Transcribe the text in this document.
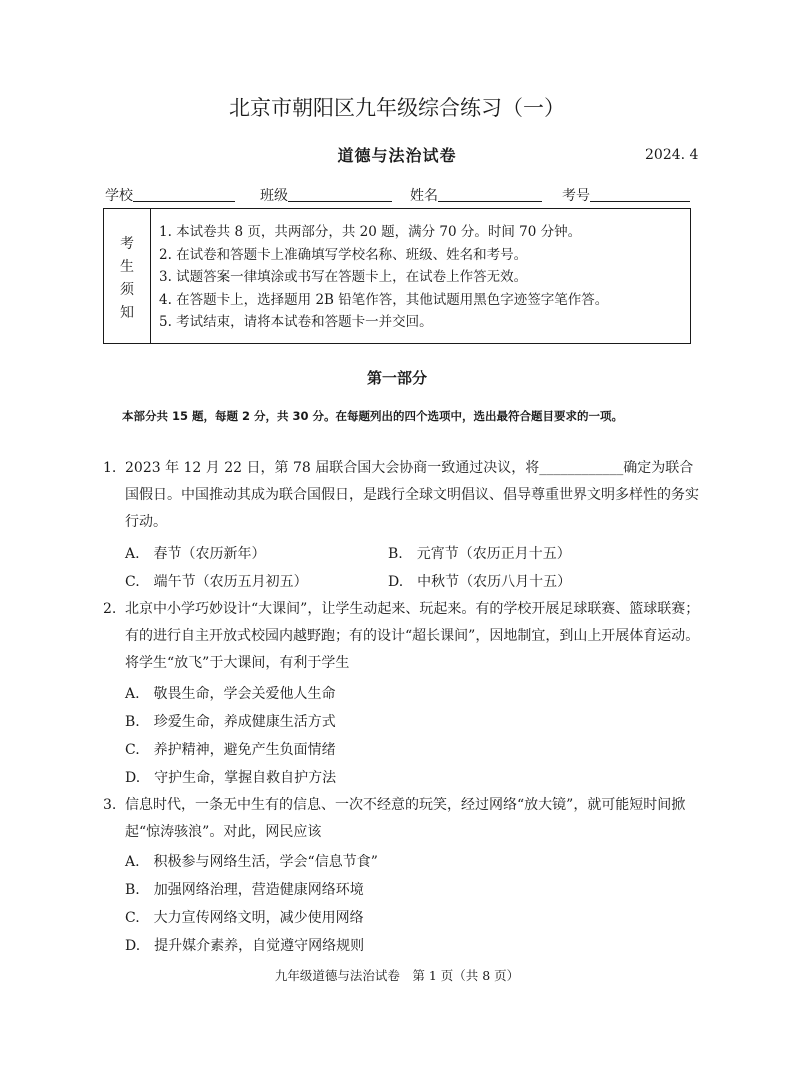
北京市朝阳区九年级综合练习（一）
道德与法治试卷	2024. 4
学校	班级	姓名	考号
考
生
须
知
1. 本试卷共 8 页，共两部分，共 20 题，满分 70 分。时间 70 分钟。
2. 在试卷和答题卡上准确填写学校名称、班级、姓名和考号。
3. 试题答案一律填涂或书写在答题卡上，在试卷上作答无效。
4. 在答题卡上，选择题用 2B 铅笔作答，其他试题用黑色字迹签字笔作答。
5. 考试结束，请将本试卷和答题卡一并交回。
第一部分
本部分共 15 题，每题 2 分，共 30 分。在每题列出的四个选项中，选出最符合题目要求的一项。
1. 2023 年 12 月 22 日，第 78 届联合国大会协商一致通过决议，将____________确定为联合国假日。中国推动其成为联合国假日，是践行全球文明倡议、倡导尊重世界文明多样性的务实行动。
A.　春节（农历新年）	B.　元宵节（农历正月十五）
C.　端午节（农历五月初五）	D.　中秋节（农历八月十五）
2. 北京中小学巧妙设计“大课间”，让学生动起来、玩起来。有的学校开展足球联赛、篮球联赛；有的进行自主开放式校园内越野跑；有的设计“超长课间”，因地制宜，到山上开展体育运动。将学生“放飞”于大课间，有利于学生
A.　敬畏生命，学会关爱他人生命
B.　珍爱生命，养成健康生活方式
C.　养护精神，避免产生负面情绪
D.　守护生命，掌握自救自护方法
3. 信息时代，一条无中生有的信息、一次不经意的玩笑，经过网络“放大镜”，就可能短时间掀起“惊涛骇浪”。对此，网民应该
A.　积极参与网络生活，学会“信息节食”
B.　加强网络治理，营造健康网络环境
C.　大力宣传网络文明，减少使用网络
D.　提升媒介素养，自觉遵守网络规则
九年级道德与法治试卷　第 1 页（共 8 页）
